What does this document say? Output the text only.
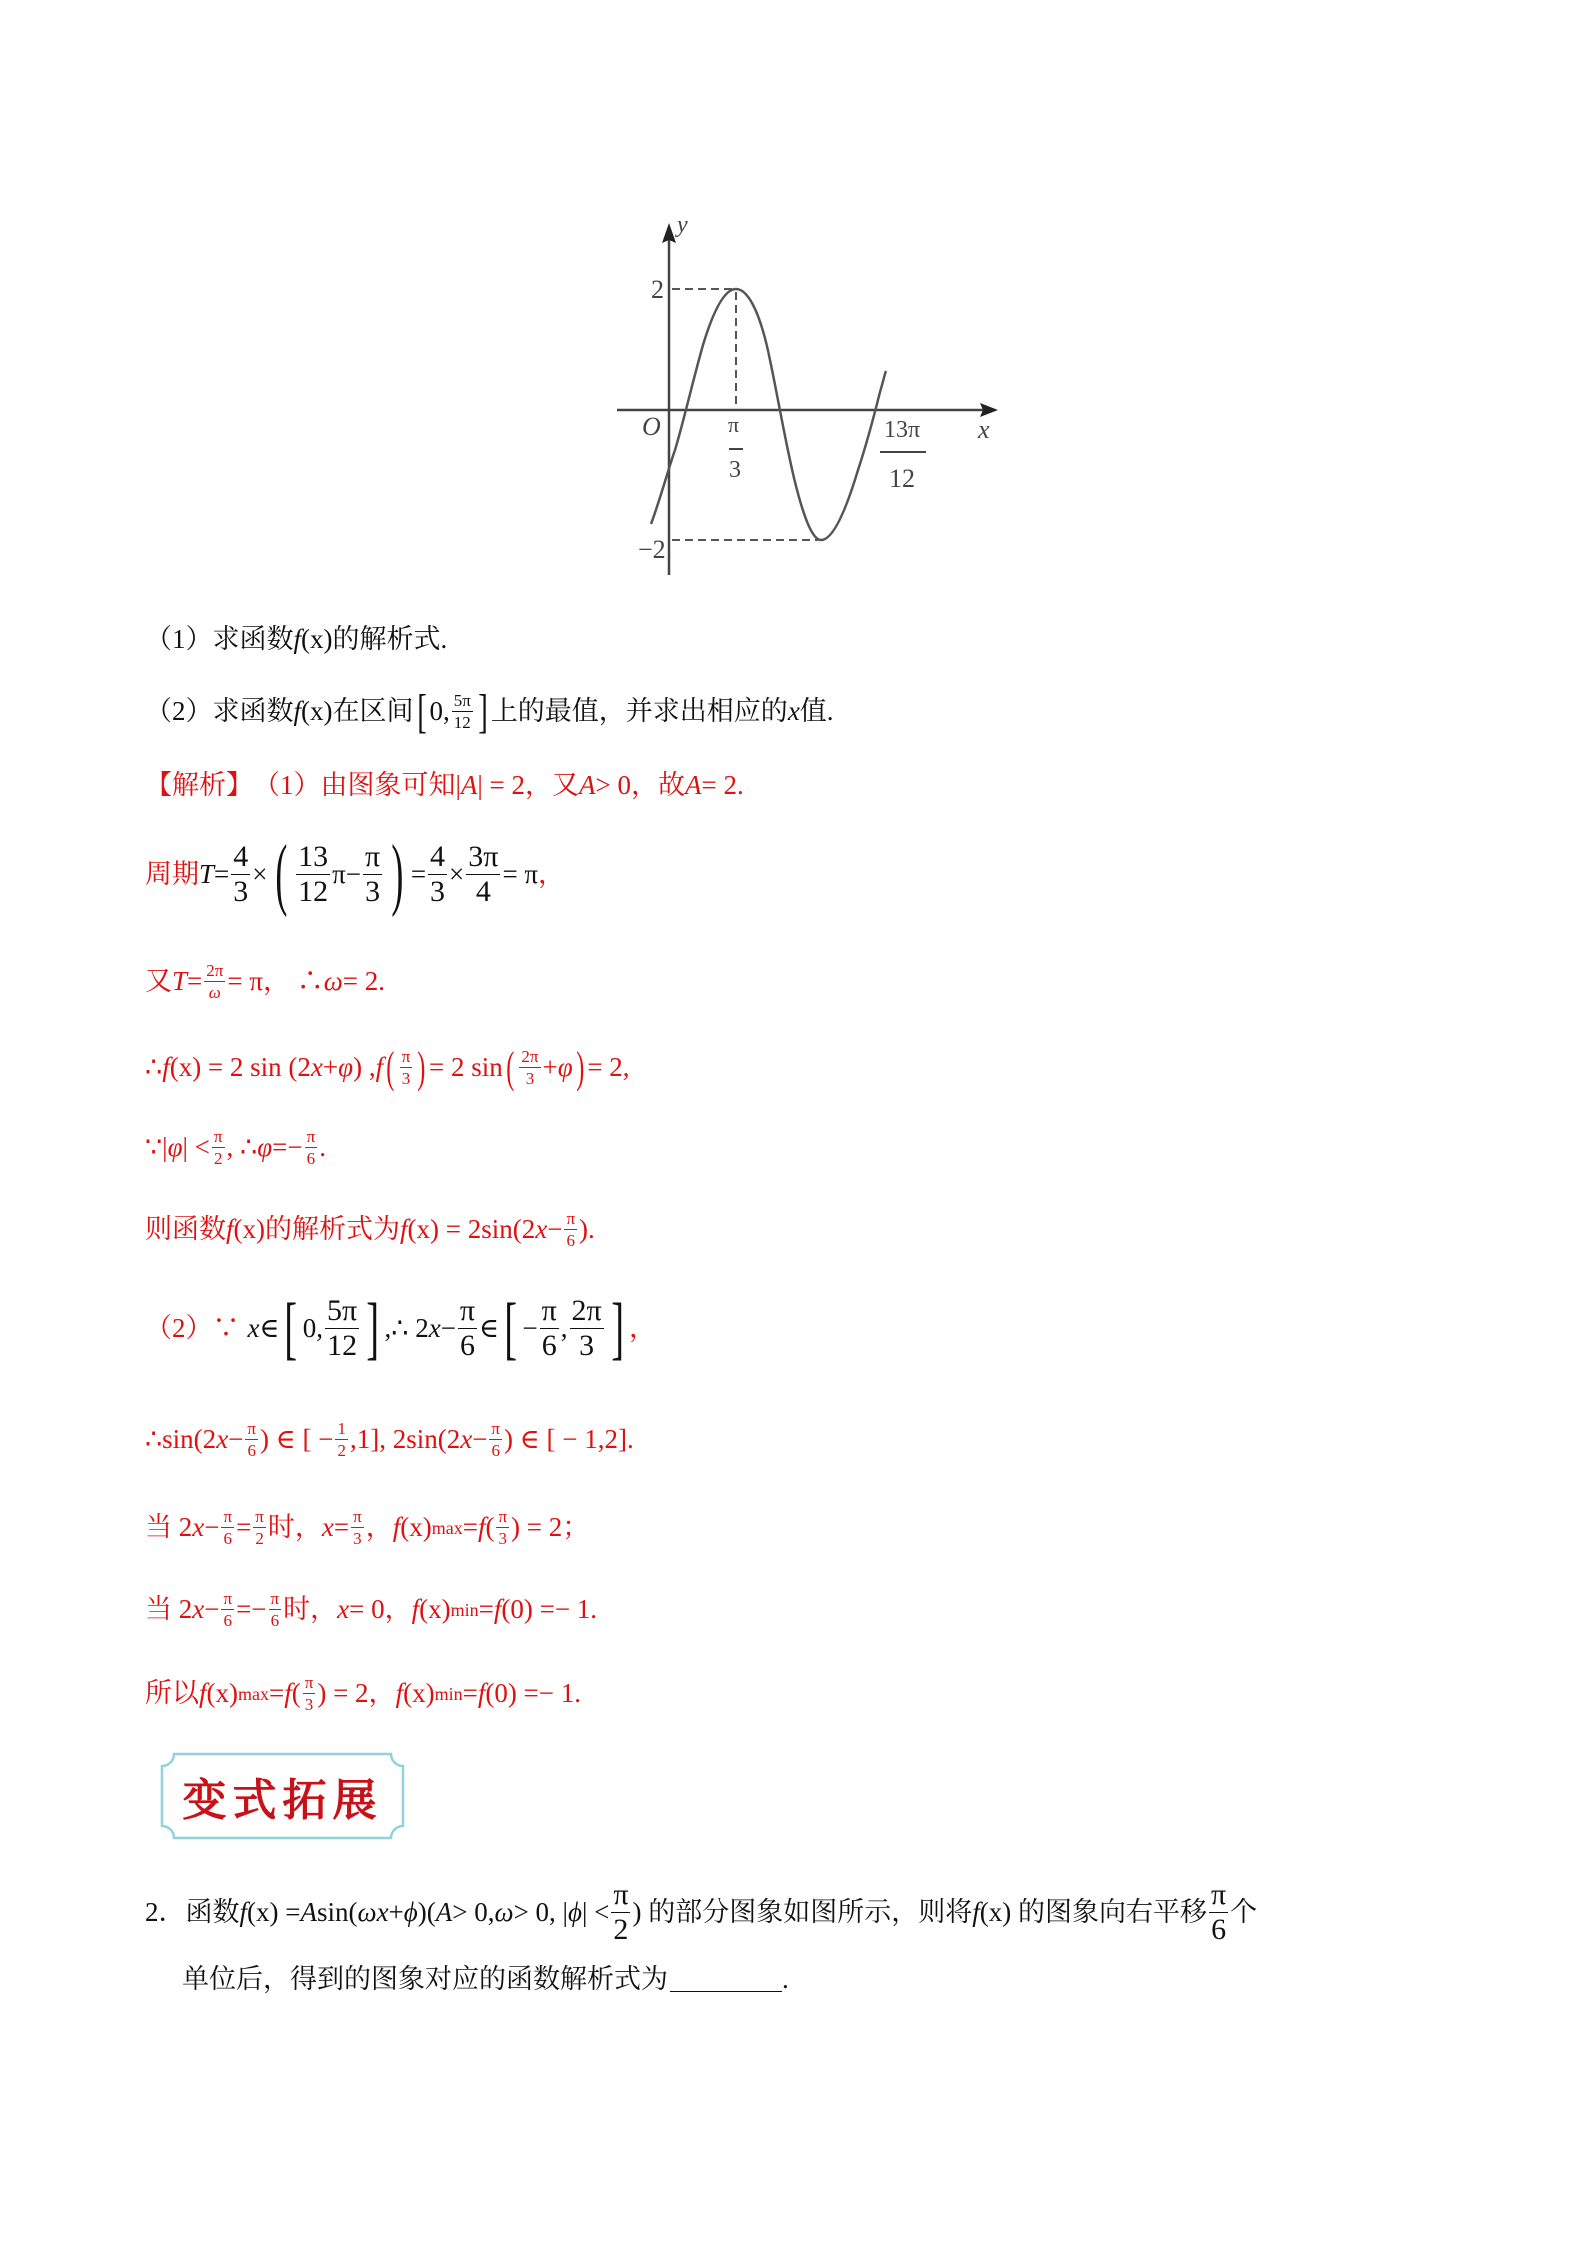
y
2
O
−2
π
3
13π
12
x
（1）求函数 f (x) 的解析式.
（2）求函数 f (x) 在区间 [ 0, $\frac{5\pi}{12}$ ] 上的最值，并求出相应的 x 值.
【解析】 （1）由图象可知| A | = 2，又 A > 0，故 A = 2.
周期 $T = \frac{4}{3}$ × ( $\frac{13}{12}$ $\pi - \frac{\pi}{3}$ ) = $\frac{4}{3} \times \frac{3\pi}{4} = \pi$ ，
又 $T = \frac{2\pi}{\omega} = \pi$， ∴ ω = 2.
∴ f (x) = 2 sin (2 x + φ ) , f ( $\frac{\pi}{3}$ ) = 2 sin ( $\frac{2\pi}{3} + \varphi$ ) = 2,
∵| φ | < $\frac{\pi}{2}$ , ∴ $\varphi =- \frac{\pi}{6}$ .
则函数 f (x) 的解析式为 f (x) = 2sin(2 $x - \frac{\pi}{6}$ ).
（2）∵ x ∈ [ 0, $\frac{5\pi}{12}$ ] ,∴ 2 $x - \frac{\pi}{6}$ ∈ [ − $\frac{\pi}{6}$ , $\frac{2\pi}{3}$ ] ，
∴sin(2 $x - \frac{\pi}{6}$ ) ∈ [ − $\frac{1}{2} ,1$], 2sin(2 $x - \frac{\pi}{6}$ ) ∈ [ − 1,2].
当 2 $x - \frac{\pi}{6} = \frac{\pi}{2}$ 时， $x = \frac{\pi}{3}$ ， f (x) max = f ( $\frac{\pi}{3}$ ) = 2；
当 2 $x - \frac{\pi}{6} =- \frac{\pi}{6}$ 时， x = 0， f (x) min = f (0) =− 1.
所以 f (x) max = f ( $\frac{\pi}{3}$ ) = 2， f (x) min = f (0) =− 1.
变式拓展
2． 函数 f (x) = A sin( ω x + ϕ )( A > 0, ω > 0, | ϕ | < $\frac{\pi}{2}$ ) 的部分图象如图所示，则将 f (x) 的图象向右平移 $\frac{\pi}{6}$ 个
单位后，得到的图象对应的函数解析式为	.
